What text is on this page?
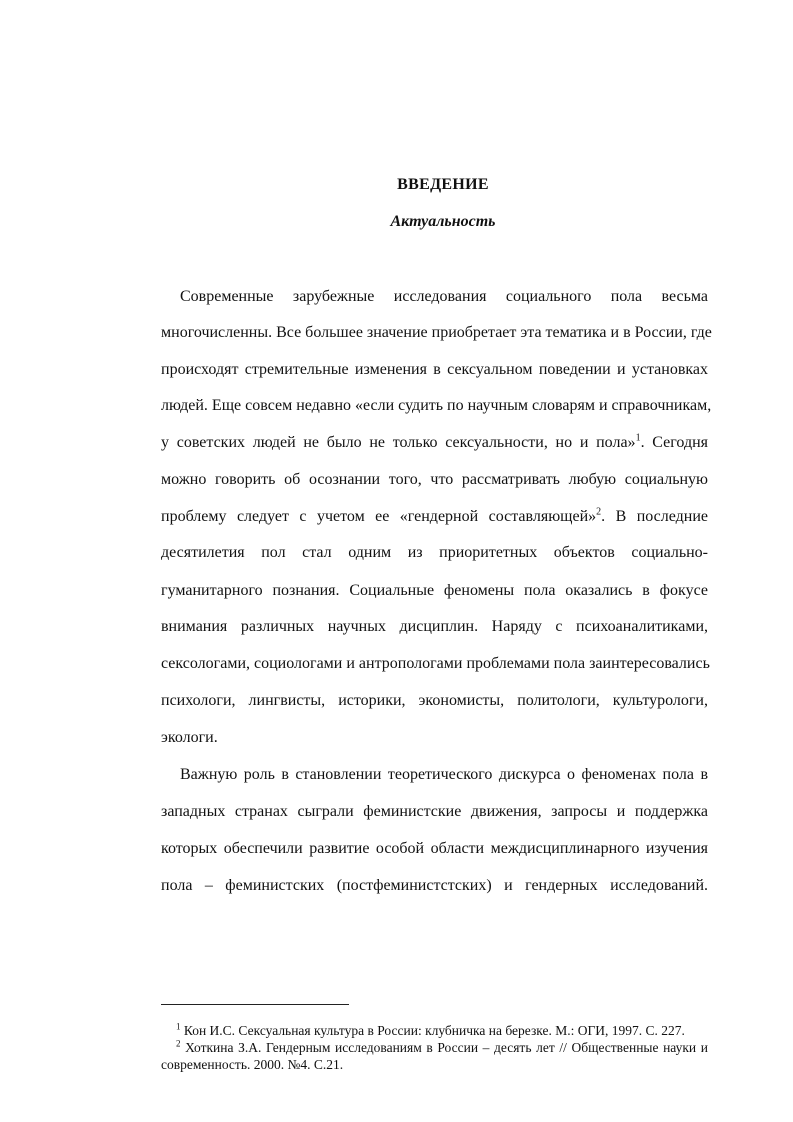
ВВЕДЕНИЕ
Актуальность

Современные зарубежные исследования социального пола весьма

многочисленны. Все большее значение приобретает эта тематика и в России, где

происходят стремительные изменения в сексуальном поведении и установках

людей. Еще совсем недавно «если судить по научным словарям и справочникам,

у советских людей не было не только сексуальности, но и пола»$^1$. Сегодня

можно говорить об осознании того, что рассматривать любую социальную

проблему следует с учетом ее «гендерной составляющей»$^2$. В последние

десятилетия пол стал одним из приоритетных объектов социально-

гуманитарного познания. Социальные феномены пола оказались в фокусе

внимания различных научных дисциплин. Наряду с психоаналитиками,

сексологами, социологами и антропологами проблемами пола заинтересовались

психологи, лингвисты, историки, экономисты, политологи, культурологи,

экологи.

Важную роль в становлении теоретического дискурса о феноменах пола в

западных странах сыграли феминистские движения, запросы и поддержка

которых обеспечили развитие особой области междисциплинарного изучения

пола – феминистских (постфеминистстских) и гендерных исследований.

$^1$ Кон И.С. Сексуальная культура в России: клубничка на березке. М.: ОГИ, 1997. С. 227.

$^2$ Хоткина З.А. Гендерным исследованиям в России – десять лет // Общественные науки и

современность. 2000. №4. С.21.
